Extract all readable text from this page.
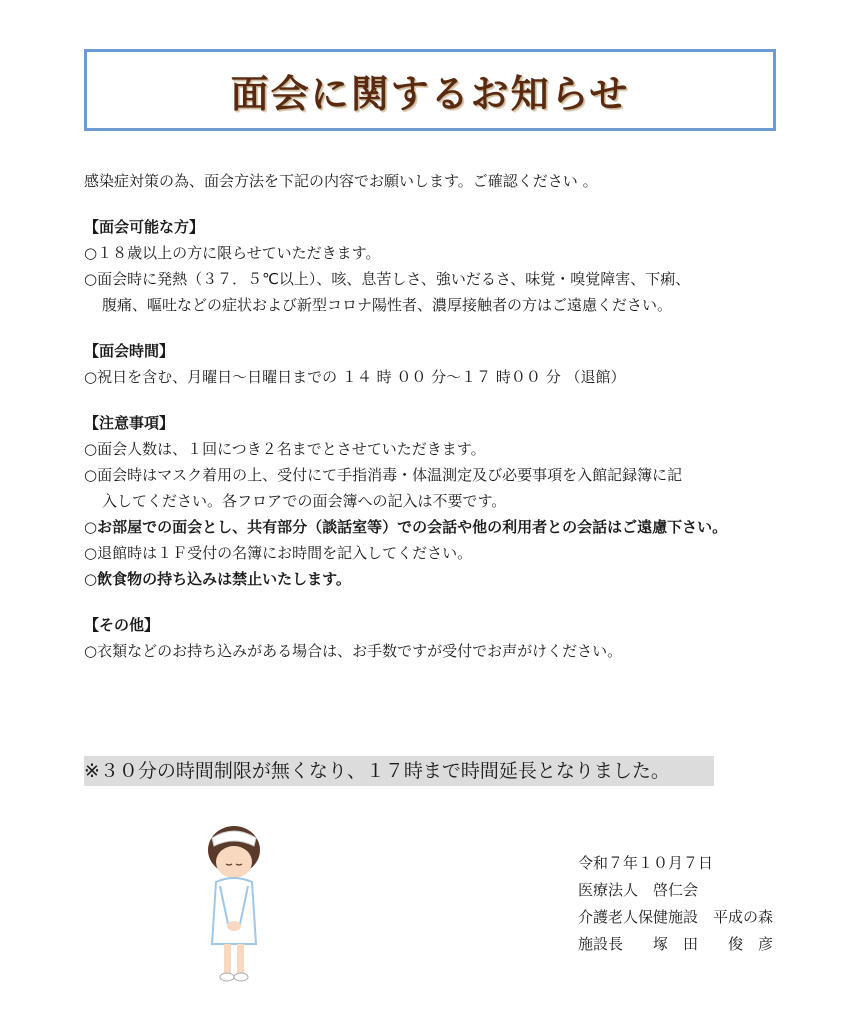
面会に関するお知らせ
感染症対策の為、面会方法を下記の内容でお願いします。ご確認ください 。
【面会可能な方】
○１８歳以上の方に限らせていただきます。
○面会時に発熱（３７．５℃以上）、咳、息苦しさ、強いだるさ、味覚・嗅覚障害、下痢、
腹痛、嘔吐などの症状および新型コロナ陽性者、濃厚接触者の方はご遠慮ください。
【面会時間】
○祝日を含む、月曜日～日曜日までの １４ 時 ００ 分～１７ 時００ 分 （退館）
【注意事項】
○面会人数は、１回につき２名までとさせていただきます。
○面会時はマスク着用の上、受付にて手指消毒・体温測定及び必要事項を入館記録簿に記
入してください。各フロアでの面会簿への記入は不要です。
○お部屋での面会とし、共有部分（談話室等）での会話や他の利用者との会話はご遠慮下さい。
○退館時は１Ｆ受付の名簿にお時間を記入してください。
○飲食物の持ち込みは禁止いたします。
【その他】
○衣類などのお持ち込みがある場合は、お手数ですが受付でお声がけください。
※３０分の時間制限が無くなり、１７時まで時間延長となりました。
令和７年１０月７日
医療法人　啓仁会
介護老人保健施設　平成の森
施設長　　塚　田　　俊　彦
